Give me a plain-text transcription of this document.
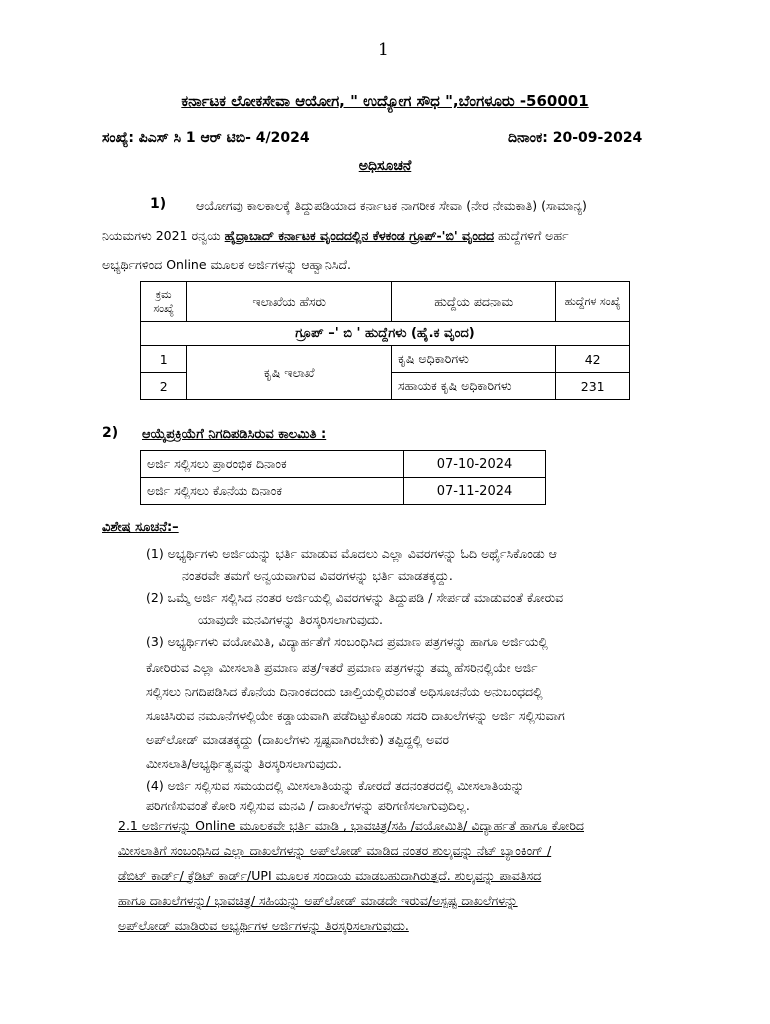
1
ಕರ್ನಾಟಕ ಲೋಕಸೇವಾ ಆಯೋಗ, " ಉದ್ಯೋಗ ಸೌಧ ",ಬೆಂಗಳೂರು -560001
ಸಂಖ್ಯೆ: ಪಿಎಸ್ ಸಿ 1 ಆರ್ ಟಿಬಿ- 4/2024	ದಿನಾಂಕ: 20-09-2024
ಅಧಿಸೂಚನೆ
1) ಆಯೋಗವು ಕಾಲಕಾಲಕ್ಕೆ ತಿದ್ದುಪಡಿಯಾದ ಕರ್ನಾಟಕ ನಾಗರೀಕ ಸೇವಾ (ನೇರ ನೇಮಕಾತಿ) (ಸಾಮಾನ್ಯ)
ನಿಯಮಗಳು 2021 ರನ್ವಯ ಹೈದ್ರಾಬಾದ್ ಕರ್ನಾಟಕ ವೃಂದದಲ್ಲಿನ ಕೆಳಕಂಡ ಗ್ರೂಪ್-'ಬಿ' ವೃಂದದ ಹುದ್ದೆಗಳಿಗೆ ಅರ್ಹ
ಅಭ್ಯರ್ಥಿಗಳಿಂದ Online ಮೂಲಕ ಅರ್ಜಿಗಳನ್ನು ಆಹ್ವಾನಿಸಿದೆ.
ಕ್ರಮ ಸಂಖ್ಯೆ	ಇಲಾಖೆಯ ಹೆಸರು	ಹುದ್ದೆಯ ಪದನಾಮ	ಹುದ್ದೆಗಳ ಸಂಖ್ಯೆ
ಗ್ರೂಪ್ –' ಬಿ ' ಹುದ್ದೆಗಳು (ಹೈ.ಕ ವೃಂದ)			
1	ಕೃಷಿ ಇಲಾಖೆ	ಕೃಷಿ ಅಧಿಕಾರಿಗಳು	42
2		ಸಹಾಯಕ ಕೃಷಿ ಅಧಿಕಾರಿಗಳು	231
2) ಆಯ್ಕೆಪ್ರಕ್ರಿಯೆಗೆ ನಿಗದಿಪಡಿಸಿರುವ ಕಾಲಮಿತಿ :
ಅರ್ಜಿ ಸಲ್ಲಿಸಲು ಪ್ರಾರಂಭಿಕ ದಿನಾಂಕ	07-10-2024
ಅರ್ಜಿ ಸಲ್ಲಿಸಲು ಕೊನೆಯ ದಿನಾಂಕ	07-11-2024
ವಿಶೇಷ ಸೂಚನೆ:–
(1) ಅಭ್ಯರ್ಥಿಗಳು ಅರ್ಜಿಯನ್ನು ಭರ್ತಿ ಮಾಡುವ ಮೊದಲು ಎಲ್ಲಾ ವಿವರಗಳನ್ನು ಓದಿ ಅರ್ಥೈಸಿಕೊಂಡು ಆ
ನಂತರವೇ ತಮಗೆ ಅನ್ವಯವಾಗುವ ವಿವರಗಳನ್ನು ಭರ್ತಿ ಮಾಡತಕ್ಕದ್ದು.
(2) ಒಮ್ಮೆ ಅರ್ಜಿ ಸಲ್ಲಿಸಿದ ನಂತರ ಅರ್ಜಿಯಲ್ಲಿ ವಿವರಗಳನ್ನು ತಿದ್ದುಪಡಿ / ಸೇರ್ಪಡೆ ಮಾಡುವಂತೆ ಕೋರುವ
ಯಾವುದೇ ಮನವಿಗಳನ್ನು ತಿರಸ್ಕರಿಸಲಾಗುವುದು.
(3) ಅಭ್ಯರ್ಥಿಗಳು ವಯೋಮಿತಿ, ವಿದ್ಯಾರ್ಹತೆಗೆ ಸಂಬಂಧಿಸಿದ ಪ್ರಮಾಣ ಪತ್ರಗಳನ್ನು ಹಾಗೂ ಅರ್ಜಿಯಲ್ಲಿ
ಕೋರಿರುವ ಎಲ್ಲಾ ಮೀಸಲಾತಿ ಪ್ರಮಾಣ ಪತ್ರ/ಇತರೆ ಪ್ರಮಾಣ ಪತ್ರಗಳನ್ನು ತಮ್ಮ ಹೆಸರಿನಲ್ಲಿಯೇ ಅರ್ಜಿ
ಸಲ್ಲಿಸಲು ನಿಗದಿಪಡಿಸಿದ ಕೊನೆಯ ದಿನಾಂಕದಂದು ಚಾಲ್ತಿಯಲ್ಲಿರುವಂತೆ ಅಧಿಸೂಚನೆಯ ಅನುಬಂಧದಲ್ಲಿ
ಸೂಚಿಸಿರುವ ನಮೂನೆಗಳಲ್ಲಿಯೇ ಕಡ್ಡಾಯವಾಗಿ ಪಡೆದಿಟ್ಟುಕೊಂಡು ಸದರಿ ದಾಖಲೆಗಳನ್ನು ಅರ್ಜಿ ಸಲ್ಲಿಸುವಾಗ
ಅಪ್‌ಲೋಡ್ ಮಾಡತಕ್ಕದ್ದು (ದಾಖಲೆಗಳು ಸ್ಪಷ್ಟವಾಗಿರಬೇಕು) ತಪ್ಪಿದ್ದಲ್ಲಿ ಅವರ
ಮೀಸಲಾತಿ/ಅಭ್ಯರ್ಥಿತ್ವವನ್ನು ತಿರಸ್ಕರಿಸಲಾಗುವುದು.
(4) ಅರ್ಜಿ ಸಲ್ಲಿಸುವ ಸಮಯದಲ್ಲಿ ಮೀಸಲಾತಿಯನ್ನು ಕೋರದೆ ತದನಂತರದಲ್ಲಿ ಮೀಸಲಾತಿಯನ್ನು
ಪರಿಗಣಿಸುವಂತೆ ಕೋರಿ ಸಲ್ಲಿಸುವ ಮನವಿ / ದಾಖಲೆಗಳನ್ನು ಪರಿಗಣಿಸಲಾಗುವುದಿಲ್ಲ.
2.1 ಅರ್ಜಿಗಳನ್ನು Online ಮೂಲಕವೇ ಭರ್ತಿ ಮಾಡಿ , ಭಾವಚಿತ್ರ/ಸಹಿ /ವಯೋಮಿತಿ/ ವಿದ್ಯಾರ್ಹತೆ ಹಾಗೂ ಕೋರಿದ
ಮೀಸಲಾತಿಗೆ ಸಂಬಂಧಿಸಿದ ಎಲ್ಲಾ ದಾಖಲೆಗಳನ್ನು ಅಪ್‌ಲೋಡ್ ಮಾಡಿದ ನಂತರ ಶುಲ್ಕವನ್ನು ನೆಟ್ ಬ್ಯಾಂಕಿಂಗ್ /
ಡೆಬಿಟ್ ಕಾರ್ಡ್/ ಕ್ರೆಡಿಟ್ ಕಾರ್ಡ್/UPI ಮೂಲಕ ಸಂದಾಯ ಮಾಡಬಹುದಾಗಿರುತ್ತದೆ. ಶುಲ್ಕವನ್ನು ಪಾವತಿಸದ
ಹಾಗೂ ದಾಖಲೆಗಳನ್ನು/ ಭಾವಚಿತ್ರ/ ಸಹಿಯನ್ನು ಅಪ್‌ಲೋಡ್ ಮಾಡದೇ ಇರುವ/ಅಸ್ಪಷ್ಟ ದಾಖಲೆಗಳನ್ನು
ಅಪ್‌ಲೋಡ್ ಮಾಡಿರುವ ಅಭ್ಯರ್ಥಿಗಳ ಅರ್ಜಿಗಳನ್ನು ತಿರಸ್ಕರಿಸಲಾಗುವುದು.
